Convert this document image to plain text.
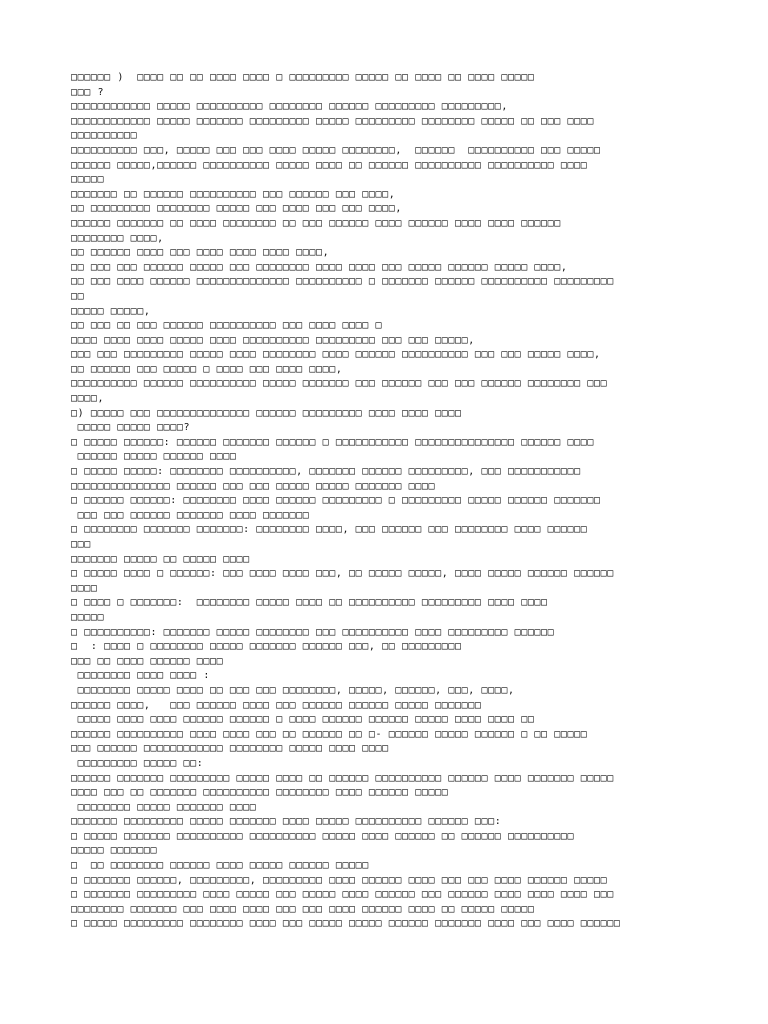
□□□□□□ )  □□□□ □□ □□ □□□□ □□□□ □ □□□□□□□□□ □□□□□ □□ □□□□ □□ □□□□ □□□□□
□□□ ?
□□□□□□□□□□□□ □□□□□ □□□□□□□□□□ □□□□□□□□ □□□□□□ □□□□□□□□□ □□□□□□□□□,
□□□□□□□□□□□□ □□□□□ □□□□□□□ □□□□□□□□□ □□□□□ □□□□□□□□□ □□□□□□□□ □□□□□ □□ □□□ □□□□
□□□□□□□□□□
□□□□□□□□□□ □□□, □□□□□ □□□ □□□ □□□□ □□□□□ □□□□□□□□,  □□□□□□  □□□□□□□□□□ □□□ □□□□□
□□□□□□ □□□□□,□□□□□□ □□□□□□□□□□ □□□□□ □□□□ □□ □□□□□□ □□□□□□□□□□ □□□□□□□□□□ □□□□
□□□□□
□□□□□□□ □□ □□□□□□ □□□□□□□□□□ □□□ □□□□□□ □□□ □□□□,
□□ □□□□□□□□□ □□□□□□□□ □□□□□ □□□ □□□□ □□□ □□□ □□□□,
□□□□□□ □□□□□□□ □□ □□□□ □□□□□□□□ □□ □□□ □□□□□□ □□□□ □□□□□□ □□□□ □□□□ □□□□□□
□□□□□□□□ □□□□,
□□ □□□□□□ □□□□ □□□ □□□□ □□□□ □□□□ □□□□,
□□ □□□ □□□ □□□□□□ □□□□□ □□□ □□□□□□□□ □□□□ □□□□ □□□ □□□□□ □□□□□□ □□□□□ □□□□,
□□ □□□ □□□□ □□□□□□ □□□□□□□□□□□□□□ □□□□□□□□□□ □ □□□□□□□ □□□□□□ □□□□□□□□□□ □□□□□□□□□
□□
□□□□□ □□□□□,
□□ □□□ □□ □□□ □□□□□□ □□□□□□□□□□ □□□ □□□□ □□□□ □
□□□□ □□□□ □□□□ □□□□□ □□□□ □□□□□□□□□□ □□□□□□□□□ □□□ □□□ □□□□□,
□□□ □□□ □□□□□□□□□ □□□□□ □□□□ □□□□□□□□ □□□□ □□□□□□ □□□□□□□□□□ □□□ □□□ □□□□□ □□□□,
□□ □□□□□□ □□□ □□□□□ □ □□□□ □□□ □□□□ □□□□,
□□□□□□□□□□ □□□□□□ □□□□□□□□□□ □□□□□ □□□□□□□ □□□ □□□□□□ □□□ □□□ □□□□□□ □□□□□□□□ □□□
□□□□,
□) □□□□□ □□□ □□□□□□□□□□□□□□ □□□□□□ □□□□□□□□□ □□□□ □□□□ □□□□
□□□□□ □□□□□ □□□□?
□ □□□□□ □□□□□□: □□□□□□ □□□□□□□ □□□□□□ □ □□□□□□□□□□□ □□□□□□□□□□□□□□□ □□□□□□ □□□□
□□□□□□ □□□□□ □□□□□□ □□□□
□ □□□□□ □□□□□: □□□□□□□□ □□□□□□□□□□, □□□□□□□ □□□□□□ □□□□□□□□□, □□□ □□□□□□□□□□□
□□□□□□□□□□□□□□□ □□□□□□ □□□ □□□ □□□□□ □□□□□ □□□□□□□ □□□□
□ □□□□□□ □□□□□□: □□□□□□□□ □□□□ □□□□□□ □□□□□□□□□ □ □□□□□□□□□ □□□□□ □□□□□□ □□□□□□□
□□□ □□□ □□□□□□ □□□□□□□ □□□□ □□□□□□□
□ □□□□□□□□ □□□□□□□ □□□□□□□: □□□□□□□□ □□□□, □□□ □□□□□□ □□□ □□□□□□□□ □□□□ □□□□□□
□□□
□□□□□□□ □□□□□ □□ □□□□□ □□□□
□ □□□□□ □□□□ □ □□□□□□: □□□ □□□□ □□□□ □□□, □□ □□□□□ □□□□□, □□□□ □□□□□ □□□□□□ □□□□□□
□□□□
□ □□□□ □ □□□□□□□:  □□□□□□□□ □□□□□ □□□□ □□ □□□□□□□□□□ □□□□□□□□□ □□□□ □□□□
□□□□□
□ □□□□□□□□□□: □□□□□□□ □□□□□ □□□□□□□□ □□□ □□□□□□□□□□ □□□□ □□□□□□□□□ □□□□□□
□  : □□□□ □ □□□□□□□□ □□□□□ □□□□□□□ □□□□□□ □□□, □□ □□□□□□□□□
□□□ □□ □□□□ □□□□□□ □□□□
□□□□□□□□ □□□□ □□□□ :
□□□□□□□□ □□□□□ □□□□ □□ □□□ □□□ □□□□□□□□, □□□□□, □□□□□□, □□□, □□□□,
□□□□□□ □□□□,   □□□ □□□□□□ □□□□ □□□ □□□□□□ □□□□□□ □□□□□ □□□□□□□
□□□□□ □□□□ □□□□ □□□□□□ □□□□□□ □ □□□□ □□□□□□ □□□□□□ □□□□□ □□□□ □□□□ □□
□□□□□□ □□□□□□□□□□ □□□□ □□□□ □□□ □□ □□□□□□ □□ □- □□□□□□ □□□□□ □□□□□□ □ □□ □□□□□
□□□ □□□□□□ □□□□□□□□□□□□ □□□□□□□□ □□□□□ □□□□ □□□□
□□□□□□□□□ □□□□□ □□:
□□□□□□ □□□□□□□ □□□□□□□□□ □□□□□ □□□□ □□ □□□□□□ □□□□□□□□□□ □□□□□□ □□□□ □□□□□□□ □□□□□
□□□□ □□□ □□ □□□□□□□ □□□□□□□□□□ □□□□□□□□ □□□□ □□□□□□ □□□□□
□□□□□□□□ □□□□□ □□□□□□□ □□□□
□□□□□□□ □□□□□□□□□ □□□□□ □□□□□□□ □□□□ □□□□□ □□□□□□□□□□ □□□□□□ □□□:
□ □□□□□ □□□□□□□ □□□□□□□□□□ □□□□□□□□□□ □□□□□ □□□□ □□□□□□ □□ □□□□□□ □□□□□□□□□□
□□□□□ □□□□□□□
□  □□ □□□□□□□□ □□□□□□ □□□□ □□□□□ □□□□□□ □□□□□
□ □□□□□□□ □□□□□□, □□□□□□□□□, □□□□□□□□□ □□□□ □□□□□□ □□□□ □□□ □□□ □□□□ □□□□□□ □□□□□
□ □□□□□□□ □□□□□□□□□ □□□□ □□□□□ □□□ □□□□□ □□□□ □□□□□□ □□□ □□□□□□ □□□□ □□□□ □□□□ □□□
□□□□□□□□ □□□□□□□ □□□ □□□□ □□□□ □□□ □□□ □□□□ □□□□□□ □□□□ □□ □□□□□ □□□□□
□ □□□□□ □□□□□□□□□ □□□□□□□□ □□□□ □□□ □□□□□ □□□□□ □□□□□□ □□□□□□□ □□□□ □□□ □□□□ □□□□□□
